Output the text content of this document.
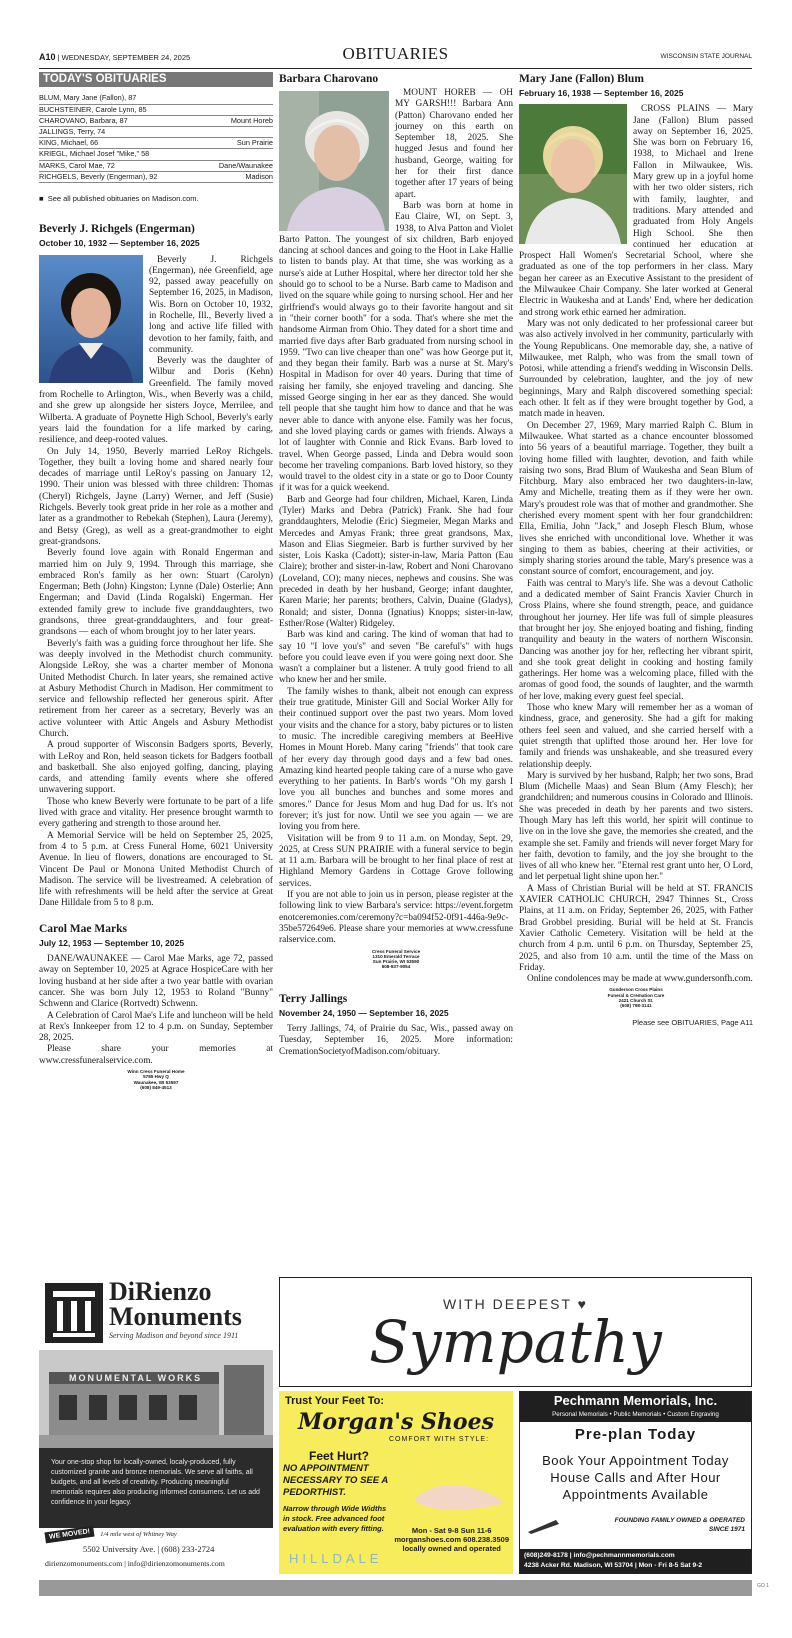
A10 | WEDNESDAY, SEPTEMBER 24, 2025	OBITUARIES	WISCONSIN STATE JOURNAL
TODAY'S OBITUARIES
BLUM, Mary Jane (Fallon), 87
BUCHSTEINER, Carole Lynn, 85
CHAROVANO, Barbara, 87	Mount Horeb
JALLINGS, Terry, 74
KING, Michael, 66	Sun Prairie
KRIEGL, Michael Josef "Mike," 58
MARKS, Carol Mae, 72	Dane/Waunakee
RICHGELS, Beverly (Engerman), 92	Madison
■  See all published obituaries on Madison.com.
Beverly J. Richgels (Engerman)
October 10, 1932 — September 16, 2025

Beverly J. Richgels (Engerman), née Greenfield, age 92, passed away peacefully on September 16, 2025, in Madison, Wis. Born on October 10, 1932, in Rochelle, Ill., Beverly lived a long and active life filled with devotion to her family, faith, and community.

Beverly was the daughter of Wilbur and Doris (Kehn) Greenfield. The family moved from Rochelle to Arlington, Wis., when Beverly was a child, and she grew up alongside her sisters Joyce, Merrilee, and Wilberta. A graduate of Poynette High School, Beverly's early years laid the foundation for a life marked by caring, resilience, and deep-rooted values.

On July 14, 1950, Beverly married LeRoy Richgels. Together, they built a loving home and shared nearly four decades of marriage until LeRoy's passing on January 12, 1990. Their union was blessed with three children: Thomas (Cheryl) Richgels, Jayne (Larry) Werner, and Jeff (Susie) Richgels. Beverly took great pride in her role as a mother and later as a grandmother to Rebekah (Stephen), Laura (Jeremy), and Betsy (Greg), as well as a great-grandmother to eight great-grandsons.

Beverly found love again with Ronald Engerman and married him on July 9, 1994. Through this marriage, she embraced Ron's family as her own: Stuart (Carolyn) Engerman; Beth (John) Kingston; Lynne (Dale) Osterlie; Ann Engerman; and David (Linda Rogalski) Engerman. Her extended family grew to include five granddaughters, two grandsons, three great-granddaughters, and four great-grandsons — each of whom brought joy to her later years.

Beverly's faith was a guiding force throughout her life. She was deeply involved in the Methodist church community. Alongside LeRoy, she was a charter member of Monona United Methodist Church. In later years, she remained active at Asbury Methodist Church in Madison. Her commitment to service and fellowship reflected her generous spirit. After retirement from her career as a secretary, Beverly was an active volunteer with Attic Angels and Asbury Methodist Church.

A proud supporter of Wisconsin Badgers sports, Beverly, with LeRoy and Ron, held season tickets for Badgers football and basketball. She also enjoyed golfing, dancing, playing cards, and attending family events where she offered unwavering support.

Those who knew Beverly were fortunate to be part of a life lived with grace and vitality. Her presence brought warmth to every gathering and strength to those around her.

A Memorial Service will be held on September 25, 2025, from 4 to 5 p.m. at Cress Funeral Home, 6021 University Avenue. In lieu of flowers, donations are encouraged to St. Vincent De Paul or Monona United Methodist Church of Madison. The service will be livestreamed. A celebration of life with refreshments will be held after the service at Great Dane Hilldale from 5 to 8 p.m.

Carol Mae Marks
July 12, 1953 — September 10, 2025

DANE/WAUNAKEE — Carol Mae Marks, age 72, passed away on September 10, 2025 at Agrace HospiceCare with her loving husband at her side after a two year battle with ovarian cancer. She was born July 12, 1953 to Roland "Bunny" Schwenn and Clarice (Rortvedt) Schwenn.

A Celebration of Carol Mae's Life and luncheon will be held at Rex's Innkeeper from 12 to 4 p.m. on Sunday, September 28, 2025.

Please share your memories at www.cressfuneralservice.com.

Winn Cress Funeral Home
5785 Hwy Q
Waunakee, WI 53597
(608) 849-4513
Barbara Charovano

MOUNT HOREB — OH MY GARSH!!! Barbara Ann (Patton) Charovano ended her journey on this earth on September 18, 2025. She hugged Jesus and found her husband, George, waiting for her for their first dance together after 17 years of being apart.

Barb was born at home in Eau Claire, WI, on Sept. 3, 1938, to Alva Patton and Violet Barto Patton. The youngest of six children, Barb enjoyed dancing at school dances and going to the Hoot in Lake Hallie to listen to bands play. At that time, she was working as a nurse's aide at Luther Hospital, where her director told her she should go to school to be a Nurse. Barb came to Madison and lived on the square while going to nursing school. Her and her girlfriend's would always go to their favorite hangout and sit in "their corner booth" for a soda. That's where she met the handsome Airman from Ohio. They dated for a short time and married five days after Barb graduated from nursing school in 1959. "Two can live cheaper than one" was how George put it, and they began their family. Barb was a nurse at St. Mary's Hospital in Madison for over 40 years. During that time of raising her family, she enjoyed traveling and dancing. She missed George singing in her ear as they danced. She would tell people that she taught him how to dance and that he was never able to dance with anyone else. Family was her focus, and she loved playing cards or games with friends. Always a lot of laughter with Connie and Rick Evans. Barb loved to travel. When George passed, Linda and Debra would soon become her traveling companions. Barb loved history, so they would travel to the oldest city in a state or go to Door County if it was for a quick weekend.

Barb and George had four children, Michael, Karen, Linda (Tyler) Marks and Debra (Patrick) Frank. She had four granddaughters, Melodie (Eric) Siegmeier, Megan Marks and Mercedes and Amyas Frank; three great grandsons, Max, Mason and Elias Siegmeier. Barb is further survived by her sister, Lois Kaska (Cadott); sister-in-law, Maria Patton (Eau Claire); brother and sister-in-law, Robert and Noni Charovano (Loveland, CO); many nieces, nephews and cousins. She was preceded in death by her husband, George; infant daughter, Karen Marie; her parents; brothers, Calvin, Duaine (Gladys), Ronald; and sister, Donna (Ignatius) Knopps; sister-in-law, Esther/Rose (Walter) Ridgeley.

Barb was kind and caring. The kind of woman that had to say 10 "I love you's" and seven "Be careful's" with hugs before you could leave even if you were going next door. She wasn't a complainer but a listener. A truly good friend to all who knew her and her smile.

The family wishes to thank, albeit not enough can express their true gratitude, Minister Gill and Social Worker Ally for their continued support over the past two years. Mom loved your visits and the chance for a story, baby pictures or to listen to music. The incredible caregiving members at BeeHive Homes in Mount Horeb. Many caring "friends" that took care of her every day through good days and a few bad ones. Amazing kind hearted people taking care of a nurse who gave everything to her patients. In Barb's words "Oh my garsh I love you all bunches and bunches and some mores and smores." Dance for Jesus Mom and hug Dad for us. It's not forever; it's just for now. Until we see you again — we are loving you from here.

Visitation will be from 9 to 11 a.m. on Monday, Sept. 29, 2025, at Cress SUN PRAIRIE with a funeral service to begin at 11 a.m. Barbara will be brought to her final place of rest at Highland Memory Gardens in Cottage Grove following services.

If you are not able to join us in person, please register at the following link to view Barbara's service: https://event.forgetmenotceremonies.com/ceremony?c=ba094f52-0f91-446a-9e9c-35be572649e6. Please share your memories at www.cressfuneralservice.com.

Cress Funeral Service
1310 Emerald Terrace
Sun Prairie, WI 53590
608-837-9054
Terry Jallings
November 24, 1950 — September 16, 2025

Terry Jallings, 74, of Prairie du Sac, Wis., passed away on Tuesday, September 16, 2025. More information: CremationSocietyofMadison.com/obituary.

Mary Jane (Fallon) Blum
February 16, 1938 — September 16, 2025

CROSS PLAINS — Mary Jane (Fallon) Blum passed away on September 16, 2025. She was born on February 16, 1938, to Michael and Irene Fallon in Milwaukee, Wis. Mary grew up in a joyful home with her two older sisters, rich with family, laughter, and traditions. Mary attended and graduated from Holy Angels High School. She then continued her education at Prospect Hall Women's Secretarial School, where she graduated as one of the top performers in her class. Mary began her career as an Executive Assistant to the president of the Milwaukee Chair Company. She later worked at General Electric in Waukesha and at Lands' End, where her dedication and strong work ethic earned her admiration.

Mary was not only dedicated to her professional career but was also actively involved in her community, particularly with the Young Republicans. One memorable day, she, a native of Milwaukee, met Ralph, who was from the small town of Potosi, while attending a friend's wedding in Wisconsin Dells. Surrounded by celebration, laughter, and the joy of new beginnings, Mary and Ralph discovered something special: each other. It felt as if they were brought together by God, a match made in heaven.

On December 27, 1969, Mary married Ralph C. Blum in Milwaukee. What started as a chance encounter blossomed into 56 years of a beautiful marriage. Together, they built a loving home filled with laughter, devotion, and faith while raising two sons, Brad Blum of Waukesha and Sean Blum of Fitchburg. Mary also embraced her two daughters-in-law, Amy and Michelle, treating them as if they were her own. Mary's proudest role was that of mother and grandmother. She cherished every moment spent with her four grandchildren: Ella, Emilia, John "Jack," and Joseph Flesch Blum, whose lives she enriched with unconditional love. Whether it was singing to them as babies, cheering at their activities, or simply sharing stories around the table, Mary's presence was a constant source of comfort, encouragement, and joy.

Faith was central to Mary's life. She was a devout Catholic and a dedicated member of Saint Francis Xavier Church in Cross Plains, where she found strength, peace, and guidance throughout her journey. Her life was full of simple pleasures that brought her joy. She enjoyed boating and fishing, finding tranquility and beauty in the waters of northern Wisconsin. Dancing was another joy for her, reflecting her vibrant spirit, and she took great delight in cooking and hosting family gatherings. Her home was a welcoming place, filled with the aromas of good food, the sounds of laughter, and the warmth of her love, making every guest feel special.

Those who knew Mary will remember her as a woman of kindness, grace, and generosity. She had a gift for making others feel seen and valued, and she carried herself with a quiet strength that uplifted those around her. Her love for family and friends was unshakeable, and she treasured every relationship deeply.

Mary is survived by her husband, Ralph; her two sons, Brad Blum (Michelle Maas) and Sean Blum (Amy Flesch); her grandchildren; and numerous cousins in Colorado and Illinois. She was preceded in death by her parents and two sisters. Though Mary has left this world, her spirit will continue to live on in the love she gave, the memories she created, and the example she set. Family and friends will never forget Mary for her faith, devotion to family, and the joy she brought to the lives of all who knew her. "Eternal rest grant unto her, O Lord, and let perpetual light shine upon her."

A Mass of Christian Burial will be held at ST. FRANCIS XAVIER CATHOLIC CHURCH, 2947 Thinnes St., Cross Plains, at 11 a.m. on Friday, September 26, 2025, with Father Brad Grobbel presiding. Burial will be held at St. Francis Xavier Catholic Cemetery. Visitation will be held at the church from 4 p.m. until 6 p.m. on Thursday, September 25, 2025, and also from 10 a.m. until the time of the Mass on Friday.

Online condolences may be made at www.gundersonfh.com.

Gunderson Cross Plains
Funeral & Cremation Care
2421 Church St.
(608) 798-3141
Please see OBITUARIES, Page A11
DiRienzo
Monuments
Serving Madison and beyond since 1911
MONUMENTAL WORKS
Your one-stop shop for locally-owned, localy-produced, fully customized granite and bronze memorials. We serve all faiths, all budgets, and all levels of creativity. Producing meaningful memorials requires also producing informed consumers. Let us add confidence in your legacy.
WE MOVED!	1/4 mile west of Whitney Way
5502 University Ave. | (608) 233-2724
dirienzomonuments.com | info@dirienzomonuments.com
WITH DEEPEST ♥
Sympathy
Trust Your Feet To:
Morgan's Shoes
COMFORT WITH STYLE:
Feet Hurt?
NO APPOINTMENT
NECESSARY TO SEE A
PEDORTHIST.
Narrow through Wide Widths
in stock. Free advanced foot
evaluation with every fitting.	Mon - Sat 9-8 Sun 11-6
morganshoes.com 608.238.3509
locally owned and operated
HILLDALE
Pechmann Memorials, Inc.
Personal Memorials • Public Memorials • Custom Engraving
Pre-plan Today
Book Your Appointment Today
House Calls and After Hour
Appointments Available
FOUNDING FAMILY OWNED & OPERATED
SINCE 1971
(608)249-8178 | info@pechmannmemorials.com
4238 Acker Rd. Madison, WI 53704 | Mon - Fri 8-5 Sat 9-2
GO 1
